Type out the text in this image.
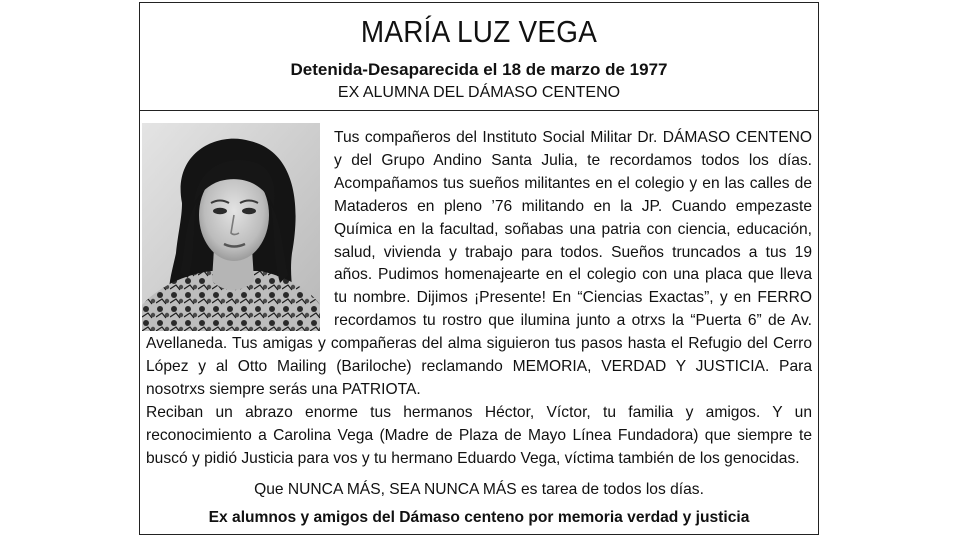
MARÍA LUZ VEGA
Detenida-Desaparecida el 18 de marzo de 1977
EX ALUMNA DEL DÁMASO CENTENO

Tus compañeros del Instituto Social Militar Dr. DÁMASO CENTENO y del Grupo Andino Santa Julia, te recordamos todos los días. Acompañamos tus sueños militantes en el colegio y en las calles de Mataderos en pleno ’76 militando en la JP. Cuando empezaste Química en la facultad, soñabas una patria con ciencia, educación, salud, vivienda y trabajo para todos. Sueños truncados a tus 19 años. Pudimos homenajearte en el colegio con una placa que lleva tu nombre. Dijimos ¡Presente! En “Ciencias Exactas”, y en FERRO recordamos tu rostro que ilumina junto a otrxs la “Puerta 6” de Av. Avellaneda. Tus amigas y compañeras del alma siguieron tus pasos hasta el Refugio del Cerro López y al Otto Mailing (Bariloche) reclamando MEMORIA, VERDAD Y JUSTICIA. Para nosotrxs siempre serás una PATRIOTA.

Reciban un abrazo enorme tus hermanos Héctor, Víctor, tu familia y amigos. Y un reconocimiento a Carolina Vega (Madre de Plaza de Mayo Línea Fundadora) que siempre te buscó y pidió Justicia para vos y tu hermano Eduardo Vega, víctima también de los genocidas.

Que NUNCA MÁS, SEA NUNCA MÁS es tarea de todos los días.
Ex alumnos y amigos del Dámaso centeno por memoria verdad y justicia
